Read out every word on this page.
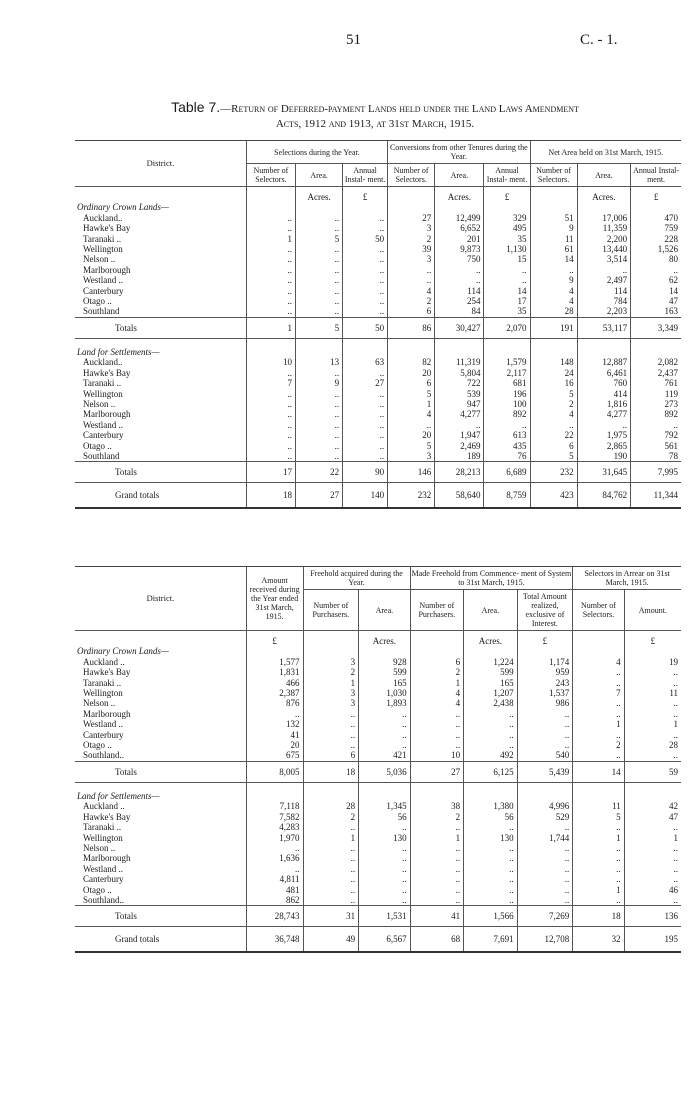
51	C. - 1.
Table 7.—Return of Deferred-payment Lands held under the Land Laws Amendment
Acts, 1912 and 1913, at 31st March, 1915.
District.	Selections during the Year.			Conversions from other Tenures during the Year.			Net Area held on 31st March, 1915.		
	Number of Selectors.	Area.	Annual Instal- ment.	Number of Selectors.	Area.	Annual Instal- ment.	Number of Selectors.	Area.	Annual Instal- ment.
		Acres.	£		Acres.	£		Acres.	£
Ordinary Crown Lands—									
Auckland..	..	..	..	27	12,499	329	51	17,006	470
Hawke's Bay	..	..	..	3	6,652	495	9	11,359	759
Taranaki ..	1	5	50	2	201	35	11	2,200	228
Wellington	..	..	..	39	9,873	1,130	61	13,440	1,526
Nelson ..	..	..	..	3	750	15	14	3,514	80
Marlborough	..	..	..	..	..	..	..	..	..
Westland ..	..	..	..	..	..	..	9	2,497	62
Canterbury	..	..	..	4	114	14	4	114	14
Otago ..	..	..	..	2	254	17	4	784	47
Southland	..	..	..	6	84	35	28	2,203	163
Totals	1	5	50	86	30,427	2,070	191	53,117	3,349

Land for Settlements—									
Auckland..	10	13	63	82	11,319	1,579	148	12,887	2,082
Hawke's Bay	..	..	..	20	5,804	2,117	24	6,461	2,437
Taranaki ..	7	9	27	6	722	681	16	760	761
Wellington	..	..	..	5	539	196	5	414	119
Nelson ..	..	..	..	1	947	100	2	1,816	273
Marlborough	..	..	..	4	4,277	892	4	4,277	892
Westland ..	..	..	..	..	..	..	..	..	..
Canterbury	..	..	..	20	1,947	613	22	1,975	792
Otago ..	..	..	..	5	2,469	435	6	2,865	561
Southland	..	..	..	3	189	76	5	190	78
Totals	17	22	90	146	28,213	6,689	232	31,645	7,995
Grand totals	18	27	140	232	58,640	8,759	423	84,762	11,344
District.	Amount received during the Year ended 31st March, 1915.	Freehold acquired during the Year.		Made Freehold from Commence- ment of System to 31st March, 1915.			Selectors in Arrear on 31st March, 1915.	
		Number of Purchasers.	Area.	Number of Purchasers.	Area.	Total Amount realized, exclusive of Interest.	Number of Selectors.	Amount.
	£		Acres.		Acres.	£		£
Ordinary Crown Lands—								
Auckland ..	1,577	3	928	6	1,224	1,174	4	19
Hawke's Bay	1,831	2	599	2	599	959	..	..
Taranaki ..	466	1	165	1	165	243	..	..
Wellington	2,387	3	1,030	4	1,207	1,537	7	11
Nelson ..	876	3	1,893	4	2,438	986	..	..
Marlborough	..	..	..	..	..	..	..	..
Westland ..	132	..	..	..	..	..	1	1
Canterbury	41	..	..	..	..	..	..	..
Otago ..	20	..	..	..	..	..	2	28
Southland..	675	6	421	10	492	540	..	..
Totals	8,005	18	5,036	27	6,125	5,439	14	59

Land for Settlements—								
Auckland ..	7,118	28	1,345	38	1,380	4,996	11	42
Hawke's Bay	7,582	2	56	2	56	529	5	47
Taranaki ..	4,283	..	..	..	..	..	..	..
Wellington	1,970	1	130	1	130	1,744	1	1
Nelson ..	..	..	..	..	..	..	..	..
Marlborough	1,636	..	..	..	..	..	..	..
Westland ..	..	..	..	..	..	..	..	..
Canterbury	4,811	..	..	..	..	..	..	..
Otago ..	481	..	..	..	..	..	1	46
Southland..	862	..	..	..	..	..	..	..
Totals	28,743	31	1,531	41	1,566	7,269	18	136
Grand totals	36,748	49	6,567	68	7,691	12,708	32	195
